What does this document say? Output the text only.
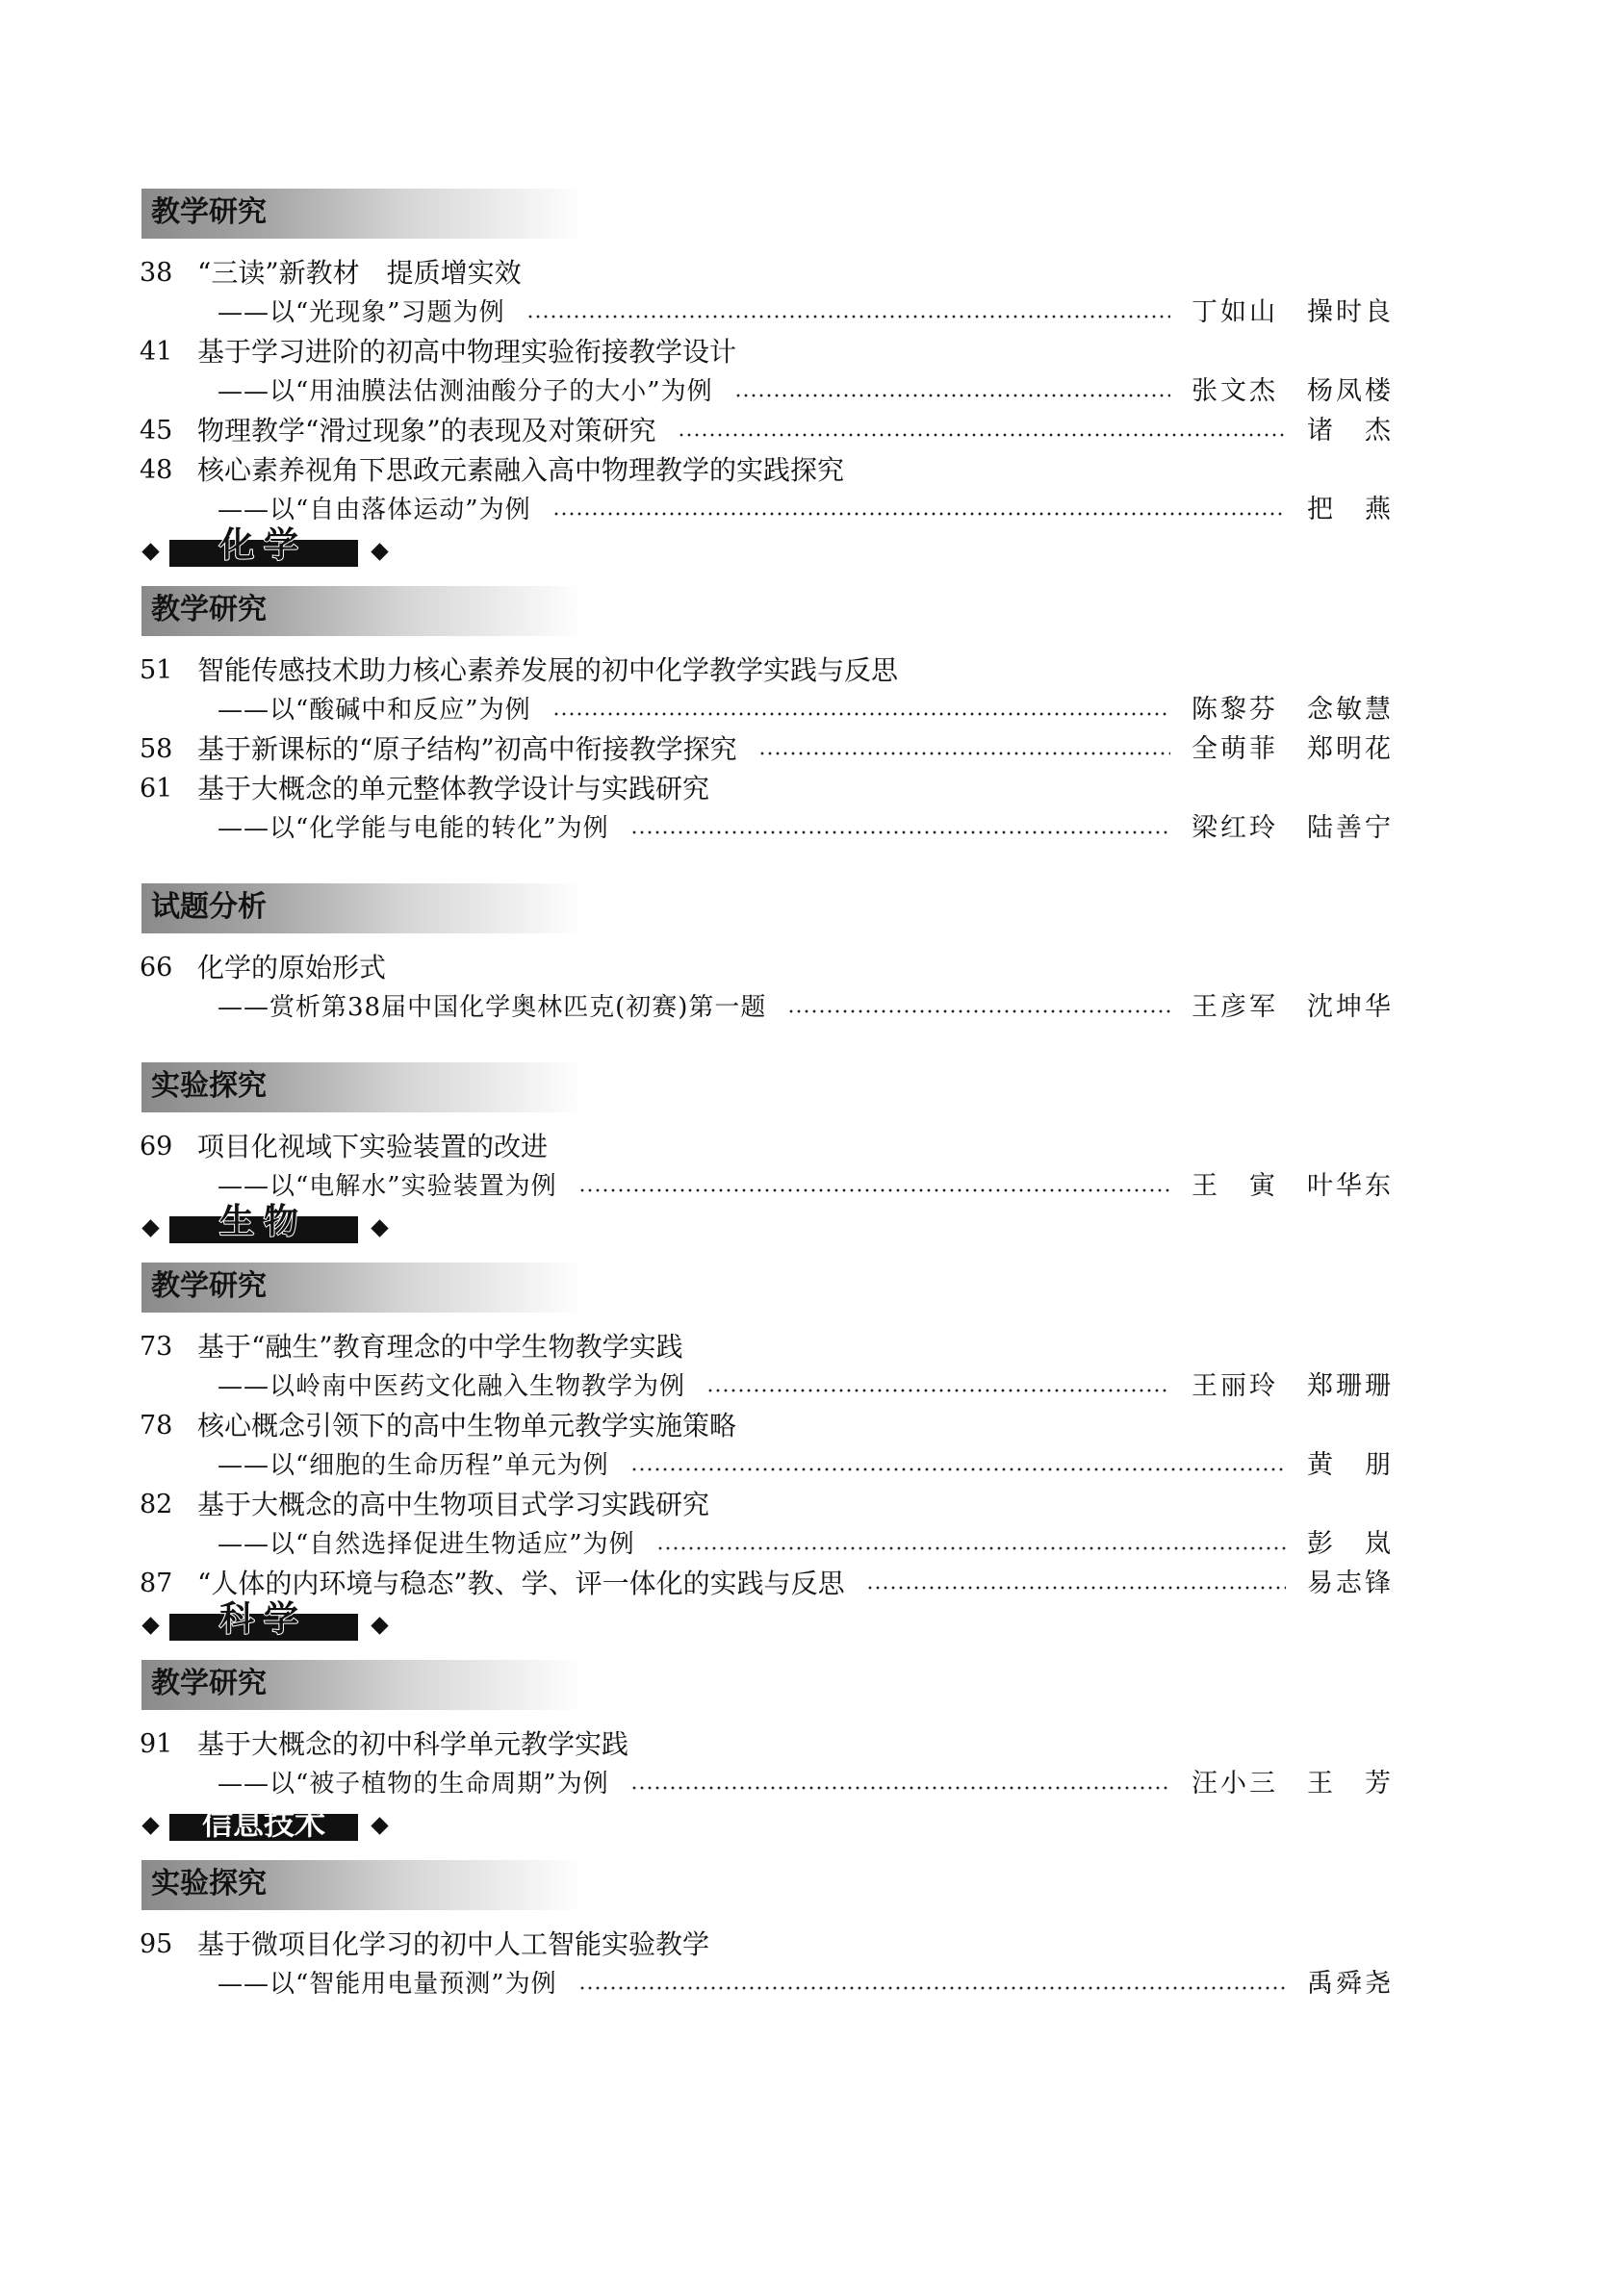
教学研究
38 “三读”新教材　提质增实效
——以“光现象”习题为例	丁如山　操时良
41 基于学习进阶的初高中物理实验衔接教学设计
——以“用油膜法估测油酸分子的大小”为例	张文杰　杨凤楼
45 物理教学“滑过现象”的表现及对策研究	诸　杰
48 核心素养视角下思政元素融入高中物理教学的实践探究
——以“自由落体运动”为例	把　燕
化学
教学研究
51 智能传感技术助力核心素养发展的初中化学教学实践与反思
——以“酸碱中和反应”为例	陈黎芬　念敏慧
58 基于新课标的“原子结构”初高中衔接教学探究	全萌菲　郑明花
61 基于大概念的单元整体教学设计与实践研究
——以“化学能与电能的转化”为例	梁红玲　陆善宁
试题分析
66 化学的原始形式
——赏析第38届中国化学奥林匹克(初赛)第一题	王彦军　沈坤华
实验探究
69 项目化视域下实验装置的改进
——以“电解水”实验装置为例	王　寅　叶华东
生物
教学研究
73 基于“融生”教育理念的中学生物教学实践
——以岭南中医药文化融入生物教学为例	王丽玲　郑珊珊
78 核心概念引领下的高中生物单元教学实施策略
——以“细胞的生命历程”单元为例	黄　朋
82 基于大概念的高中生物项目式学习实践研究
——以“自然选择促进生物适应”为例	彭　岚
87 “人体的内环境与稳态”教、学、评一体化的实践与反思	易志锋
科学
教学研究
91 基于大概念的初中科学单元教学实践
——以“被子植物的生命周期”为例	汪小三　王　芳
信息技术
实验探究
95 基于微项目化学习的初中人工智能实验教学
——以“智能用电量预测”为例	禹舜尧
